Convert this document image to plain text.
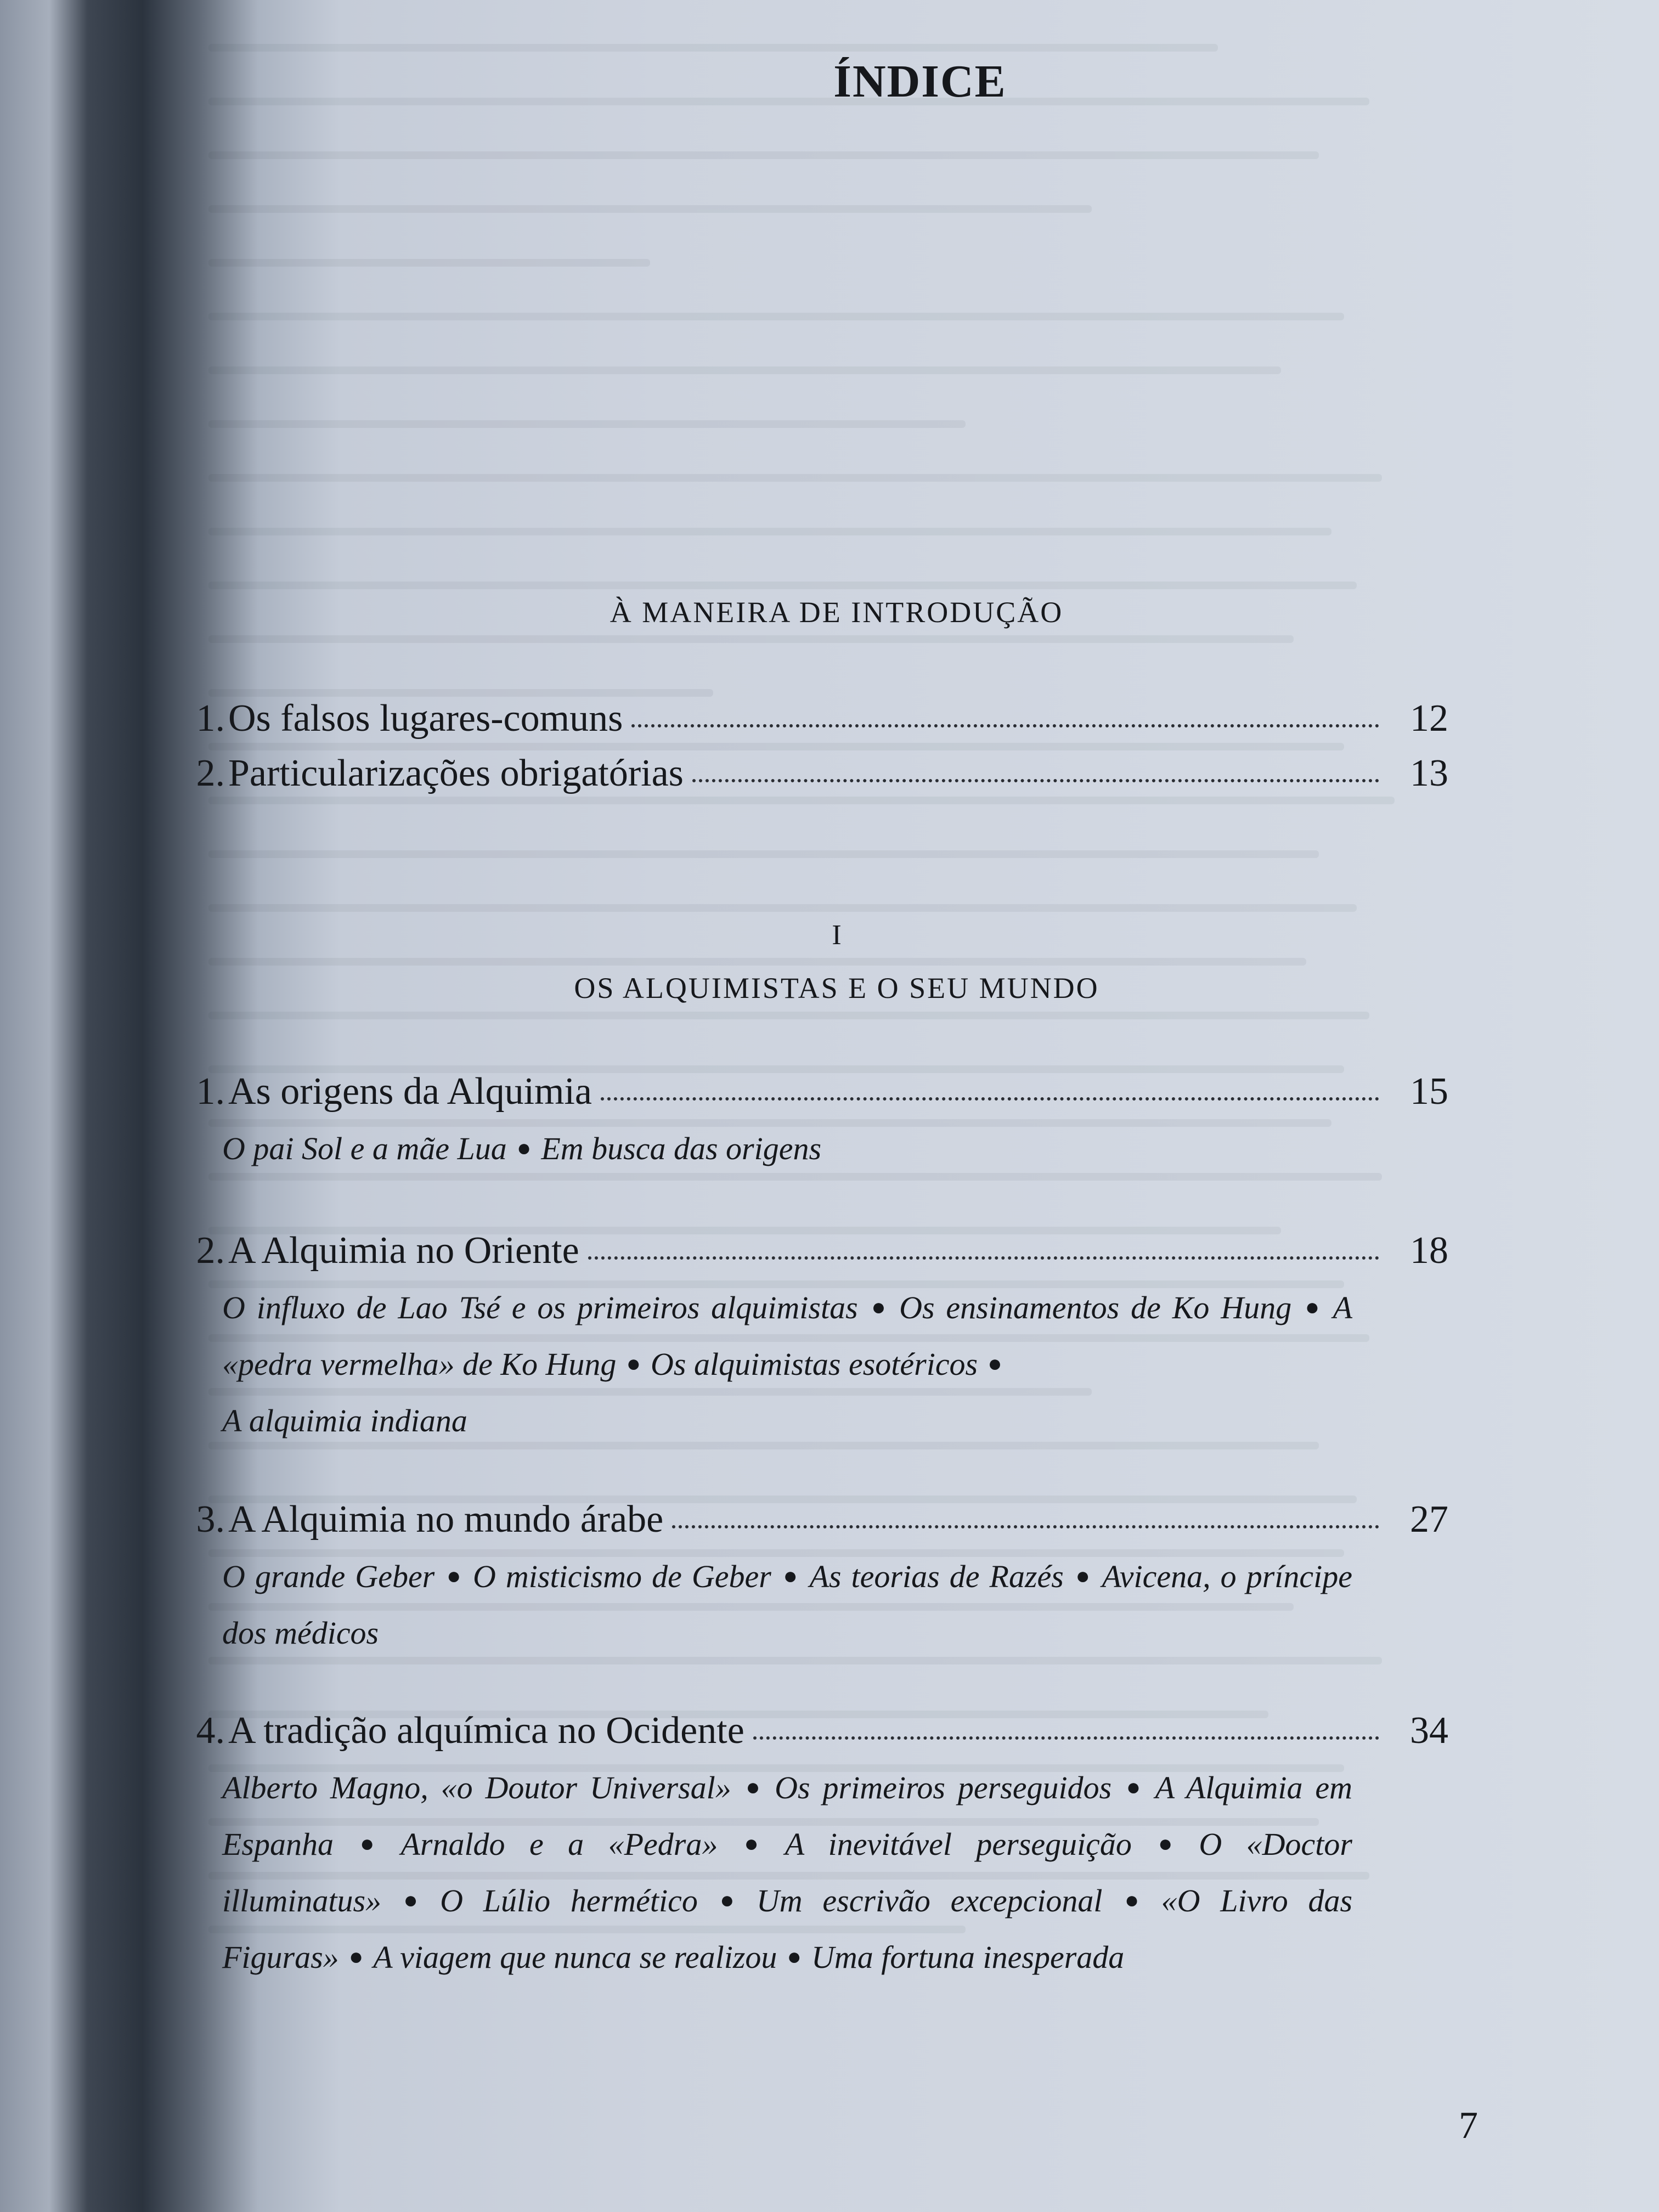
ÍNDICE
À MANEIRA DE INTRODUÇÃO
1. Os falsos lugares-comuns	12
2. Particularizações obrigatórias	13
I
OS ALQUIMISTAS E O SEU MUNDO
1. As origens da Alquimia	15
O pai Sol e a mãe Lua ● Em busca das origens
2. A Alquimia no Oriente	18
O influxo de Lao Tsé e os primeiros alquimistas ● Os ensinamentos de Ko Hung ● A «pedra vermelha» de Ko Hung ● Os alquimistas esotéricos ●
A alquimia indiana
3. A Alquimia no mundo árabe	27
O grande Geber ● O misticismo de Geber ● As teorias de Razés ● Avicena, o príncipe dos médicos
4. A tradição alquímica no Ocidente	34
Alberto Magno, «o Doutor Universal» ● Os primeiros perseguidos ● A Alquimia em Espanha ● Arnaldo e a «Pedra» ● A inevitável perseguição ● O «Doctor illuminatus» ● O Lúlio hermético ● Um escrivão excepcional ● «O Livro das Figuras» ● A viagem que nunca se realizou ● Uma fortuna inesperada
7
